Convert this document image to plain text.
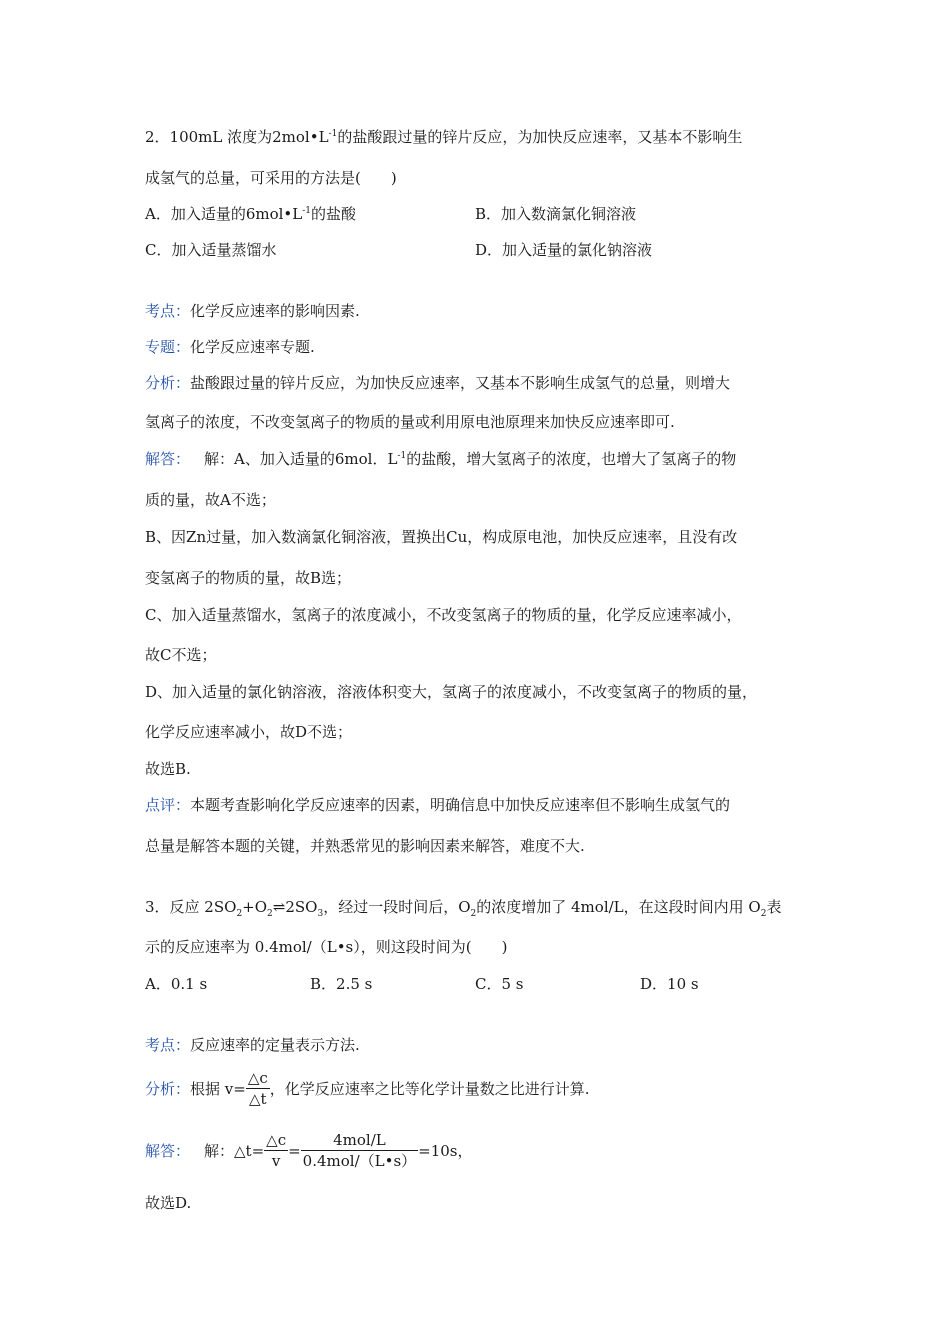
2．100mL 浓度为$2mol•L^{-1}$的盐酸跟过量的锌片反应，为加快反应速率，又基本不影响生
成氢气的总量，可采用的方法是(　　)
A．加入适量的$6mol•L^{-1}$的盐酸	B．加入数滴氯化铜溶液
C．加入适量蒸馏水	D．加入适量的氯化钠溶液
考点：化学反应速率的影响因素.
专题：化学反应速率专题.
分析：盐酸跟过量的锌片反应，为加快反应速率，又基本不影响生成氢气的总量，则增大
氢离子的浓度，不改变氢离子的物质的量或利用原电池原理来加快反应速率即可.
解答： 解：A、加入适量的6mol．$L^{-1}$的盐酸，增大氢离子的浓度，也增大了氢离子的物
质的量，故A不选；
B、因Zn过量，加入数滴氯化铜溶液，置换出Cu，构成原电池，加快反应速率，且没有改
变氢离子的物质的量，故B选；
C、加入适量蒸馏水，氢离子的浓度减小，不改变氢离子的物质的量，化学反应速率减小，
故C不选；
D、加入适量的氯化钠溶液，溶液体积变大，氢离子的浓度减小，不改变氢离子的物质的量，
化学反应速率减小，故D不选；
故选B.
点评：本题考查影响化学反应速率的因素，明确信息中加快反应速率但不影响生成氢气的
总量是解答本题的关键，并熟悉常见的影响因素来解答，难度不大.
3．反应 $2SO_2+O_2\rightleftharpoons 2SO_3$，经过一段时间后，$O_2$的浓度增加了 4mol/L，在这段时间内用 $O_2$表
示的反应速率为 0.4mol/（L•s），则这段时间为(　　)
A．0.1 s	B．2.5 s	C．5 s	D．10 s
考点：反应速率的定量表示方法.
分析：根据 $v= \frac{\triangle c}{\triangle t}$ ，化学反应速率之比等化学计量数之比进行计算.
解答： 解：△t= $\frac{\triangle c}{v} = \frac{\text{4mol/L}}{\text{0.4mol/（L•s）}} =10s$，
故选D.
